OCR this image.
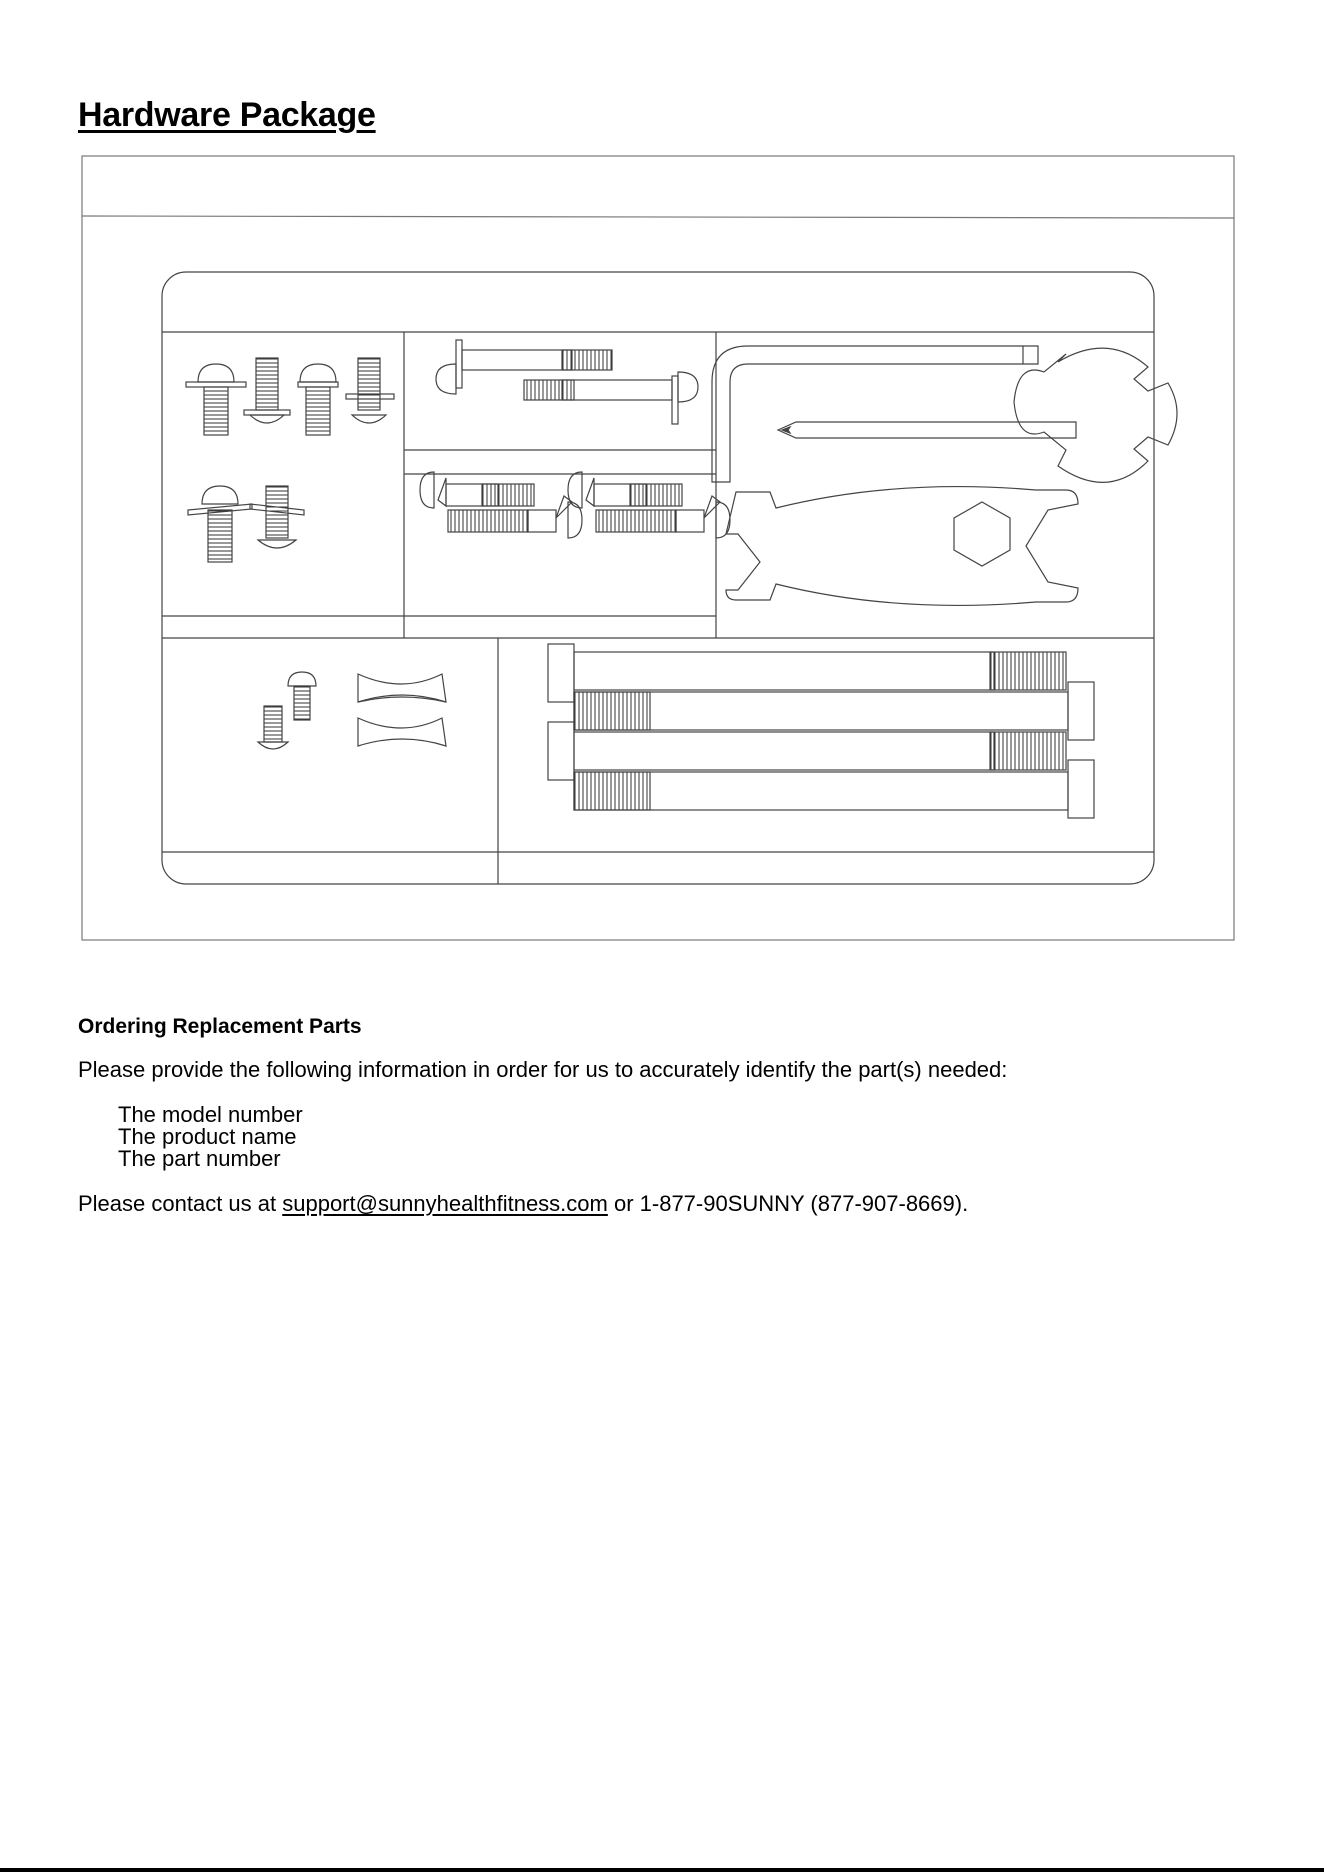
Hardware Package
Ordering Replacement Parts
Please provide the following information in order for us to accurately identify the part(s) needed:
The model number
The product name
The part number
Please contact us at support@sunnyhealthfitness.com or 1-877-90SUNNY (877-907-8669).
